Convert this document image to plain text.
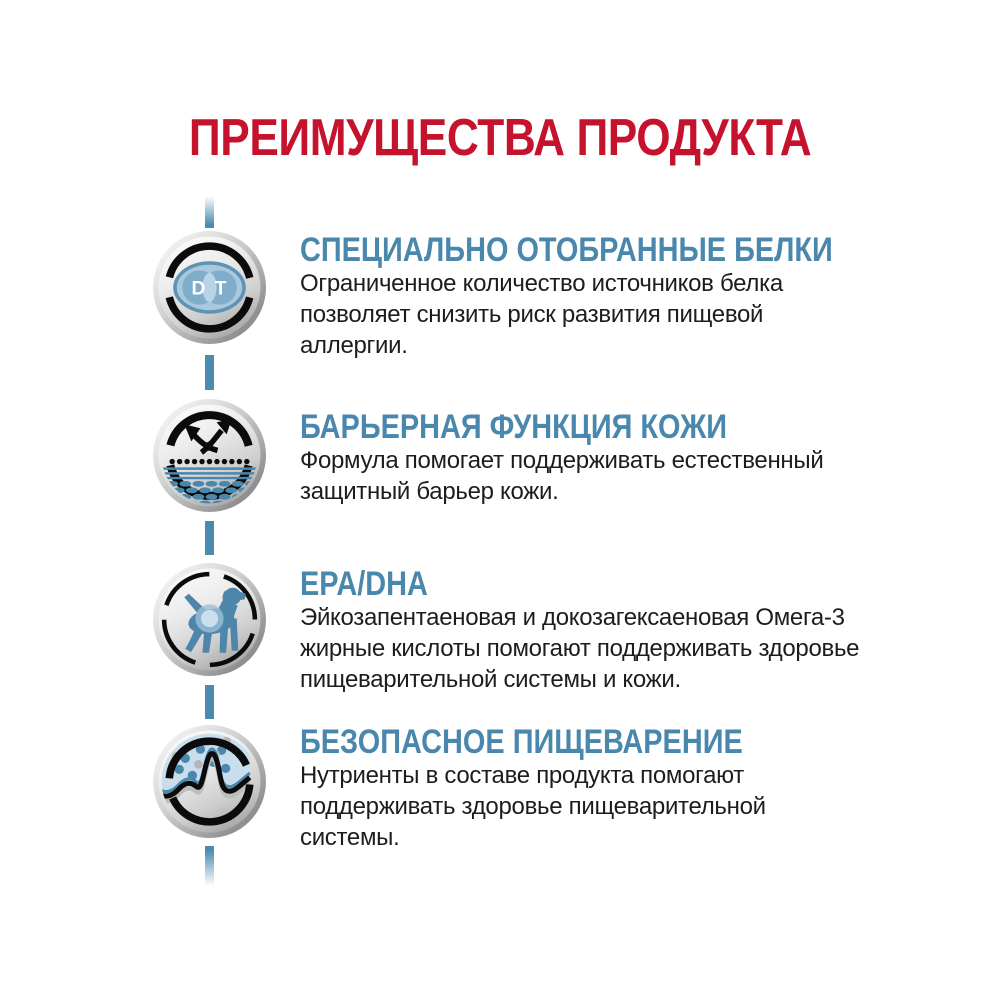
ПРЕИМУЩЕСТВА ПРОДУКТА
D T
СПЕЦИАЛЬНО ОТОБРАННЫЕ БЕЛКИ
Ограниченное количество источников белка
позволяет снизить риск развития пищевой
аллергии.
БАРЬЕРНАЯ ФУНКЦИЯ КОЖИ
Формула помогает поддерживать естественный
защитный барьер кожи.
EPA/DHA
Эйкозапентаеновая и докозагексаеновая Омега-3
жирные кислоты помогают поддерживать здоровье
пищеварительной системы и кожи.
БЕЗОПАСНОЕ ПИЩЕВАРЕНИЕ
Нутриенты в составе продукта помогают
поддерживать здоровье пищеварительной
системы.
